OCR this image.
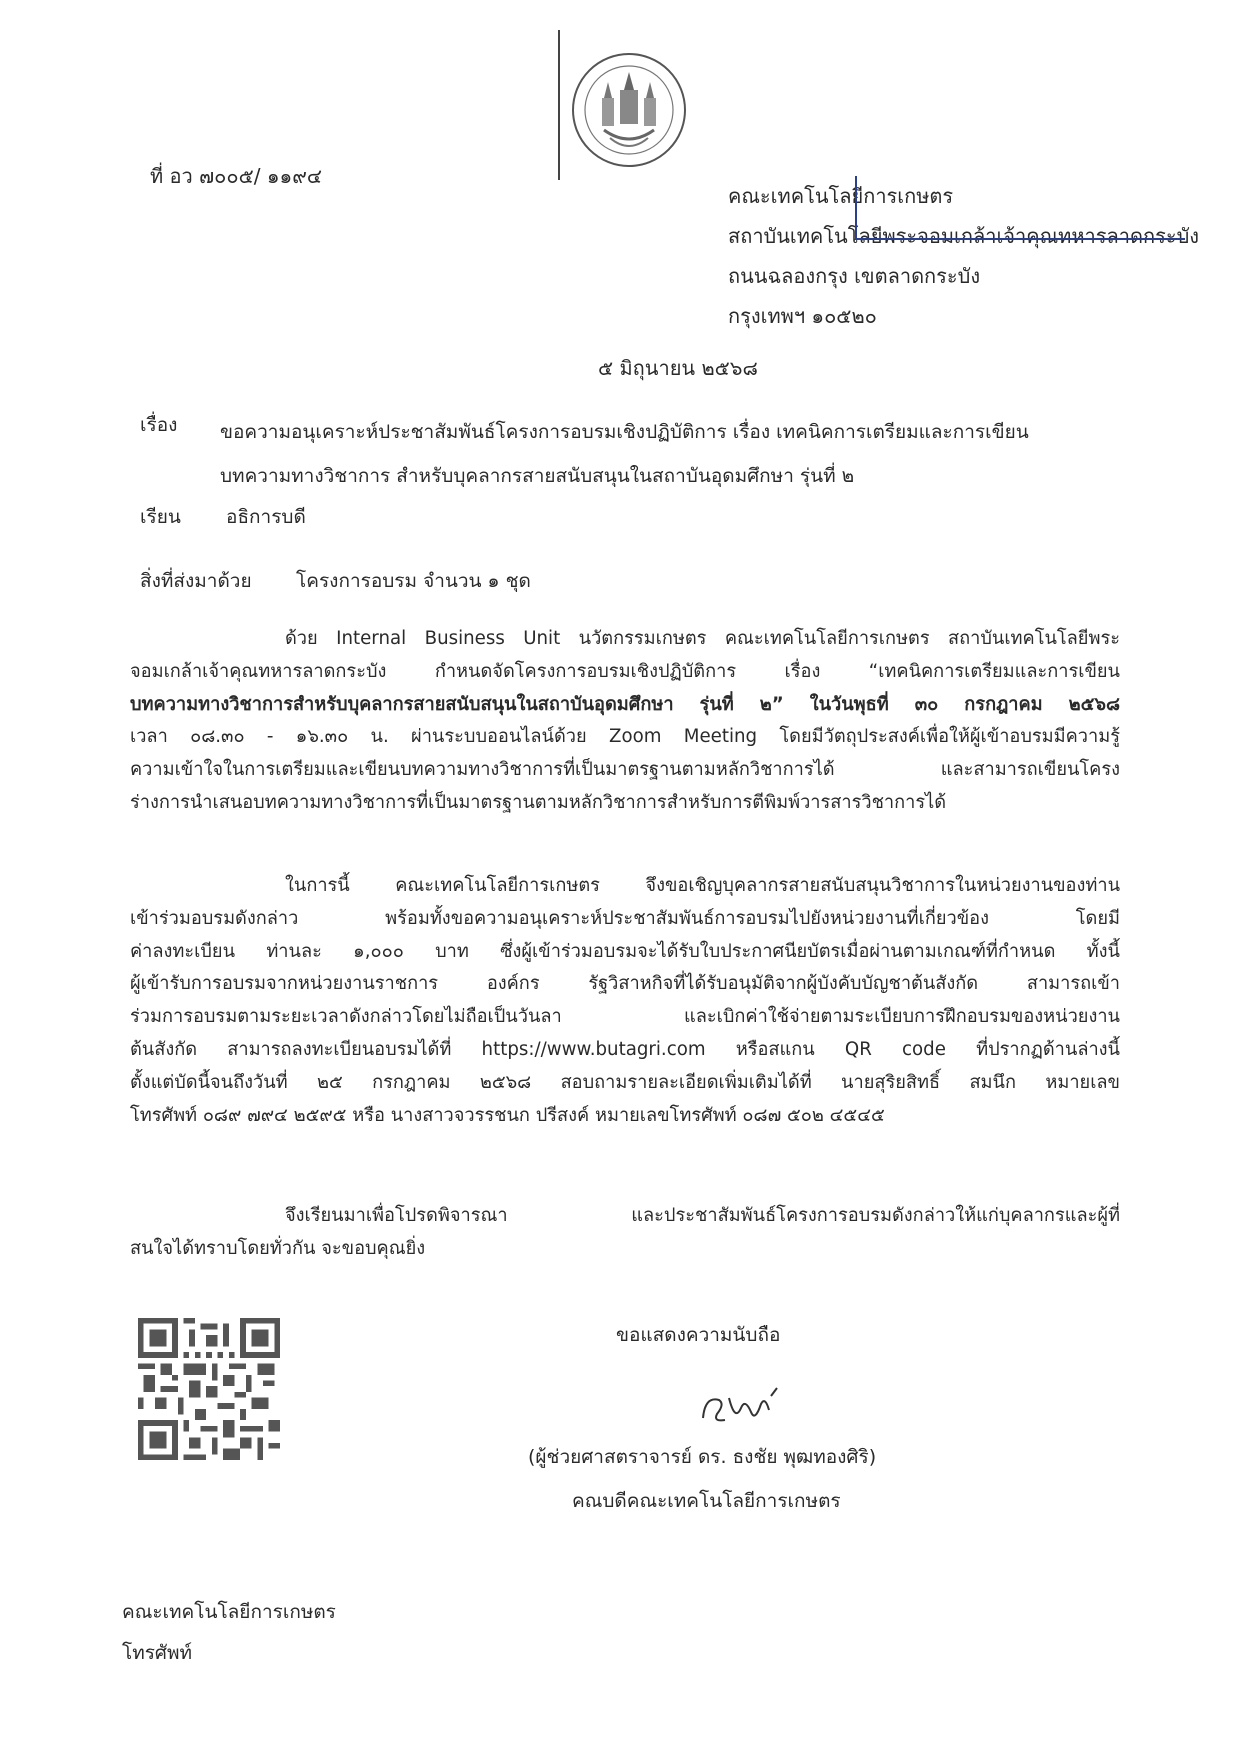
ที่ อว ๗๐๐๕/ ๑๑๙๔
คณะเทคโนโลยีการเกษตร
สถาบันเทคโนโลยีพระจอมเกล้าเจ้าคุณทหารลาดกระบัง
ถนนฉลองกรุง เขตลาดกระบัง
กรุงเทพฯ ๑๐๕๒๐
๕ มิถุนายน ๒๕๖๘
เรื่อง ขอความอนุเคราะห์ประชาสัมพันธ์โครงการอบรมเชิงปฏิบัติการ เรื่อง เทคนิคการเตรียมและการเขียน
บทความทางวิชาการ สำหรับบุคลากรสายสนับสนุนในสถาบันอุดมศึกษา รุ่นที่ ๒
เรียน อธิการบดี
สิ่งที่ส่งมาด้วย โครงการอบรม จำนวน ๑ ชุด
ด้วย Internal Business Unit นวัตกรรมเกษตร คณะเทคโนโลยีการเกษตร สถาบันเทคโนโลยีพระ
จอมเกล้าเจ้าคุณทหารลาดกระบัง กำหนดจัดโครงการอบรมเชิงปฏิบัติการ เรื่อง “เทคนิคการเตรียมและการเขียน
บทความทางวิชาการสำหรับบุคลากรสายสนับสนุนในสถาบันอุดมศึกษา รุ่นที่ ๒” ในวันพุธที่ ๓๐ กรกฎาคม ๒๕๖๘
เวลา ๐๘.๓๐ - ๑๖.๓๐ น. ผ่านระบบออนไลน์ด้วย Zoom Meeting โดยมีวัตถุประสงค์เพื่อให้ผู้เข้าอบรมมีความรู้
ความเข้าใจในการเตรียมและเขียนบทความทางวิชาการที่เป็นมาตรฐานตามหลักวิชาการได้ และสามารถเขียนโครง
ร่างการนำเสนอบทความทางวิชาการที่เป็นมาตรฐานตามหลักวิชาการสำหรับการตีพิมพ์วารสารวิชาการได้
ในการนี้ คณะเทคโนโลยีการเกษตร จึงขอเชิญบุคลากรสายสนับสนุนวิชาการในหน่วยงานของท่าน
เข้าร่วมอบรมดังกล่าว พร้อมทั้งขอความอนุเคราะห์ประชาสัมพันธ์การอบรมไปยังหน่วยงานที่เกี่ยวข้อง โดยมี
ค่าลงทะเบียน ท่านละ ๑,๐๐๐ บาท ซึ่งผู้เข้าร่วมอบรมจะได้รับใบประกาศนียบัตรเมื่อผ่านตามเกณฑ์ที่กำหนด ทั้งนี้
ผู้เข้ารับการอบรมจากหน่วยงานราชการ องค์กร รัฐวิสาหกิจที่ได้รับอนุมัติจากผู้บังคับบัญชาต้นสังกัด สามารถเข้า
ร่วมการอบรมตามระยะเวลาดังกล่าวโดยไม่ถือเป็นวันลา และเบิกค่าใช้จ่ายตามระเบียบการฝึกอบรมของหน่วยงาน
ต้นสังกัด สามารถลงทะเบียนอบรมได้ที่ https://www.butagri.com หรือสแกน QR code ที่ปรากฏด้านล่างนี้
ตั้งแต่บัดนี้จนถึงวันที่ ๒๕ กรกฎาคม ๒๕๖๘ สอบถามรายละเอียดเพิ่มเติมได้ที่ นายสุริยสิทธิ์ สมนึก หมายเลข
โทรศัพท์ ๐๘๙ ๗๙๔ ๒๕๙๕ หรือ นางสาวจวรรชนก ปรีสงค์ หมายเลขโทรศัพท์ ๐๘๗ ๕๐๒ ๔๕๔๕
จึงเรียนมาเพื่อโปรดพิจารณา และประชาสัมพันธ์โครงการอบรมดังกล่าวให้แก่บุคลากรและผู้ที่
สนใจได้ทราบโดยทั่วกัน จะขอบคุณยิ่ง
ขอแสดงความนับถือ
(ผู้ช่วยศาสตราจารย์ ดร. ธงชัย พุฒทองศิริ)
คณบดีคณะเทคโนโลยีการเกษตร
คณะเทคโนโลยีการเกษตร
โทรศัพท์
